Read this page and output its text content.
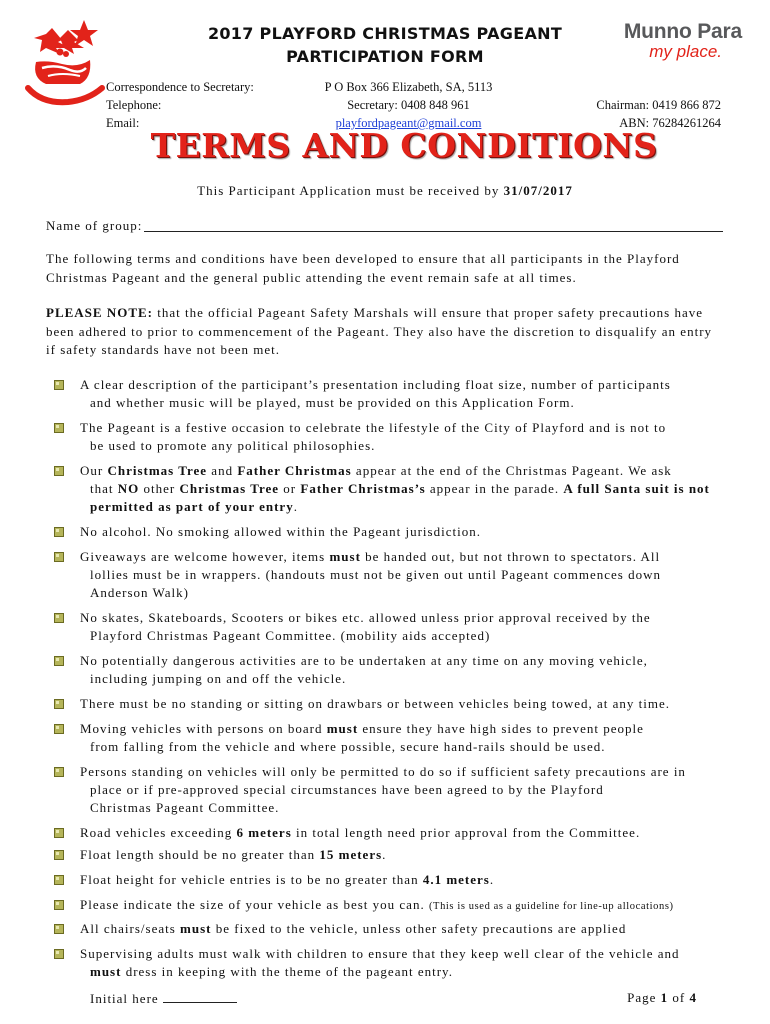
2017 PLAYFORD CHRISTMAS PAGEANT
PARTICIPATION FORM
Munno Para
my place.
Correspondence to Secretary:
Telephone:
Email:
P O Box 366 Elizabeth, SA, 5113
Secretary: 0408 848 961
playfordpageant@gmail.com

Chairman: 0419 866 872
ABN: 76284261264
TERMS AND CONDITIONS
This Participant Application must be received by 31/07/2017
Name of group:
The following terms and conditions have been developed to ensure that all participants in the Playford Christmas Pageant and the general public attending the event remain safe at all times.
PLEASE NOTE: that the official Pageant Safety Marshals will ensure that proper safety precautions have been adhered to prior to commencement of the Pageant. They also have the discretion to disqualify an entry if safety standards have not been met.
A clear description of the participant’s presentation including float size, number of participants
and whether music will be played, must be provided on this Application Form.
The Pageant is a festive occasion to celebrate the lifestyle of the City of Playford and is not to
be used to promote any political philosophies.
Our Christmas Tree and Father Christmas appear at the end of the Christmas Pageant. We ask
that NO other Christmas Tree or Father Christmas’s appear in the parade. A full Santa suit is not
permitted as part of your entry.
No alcohol. No smoking allowed within the Pageant jurisdiction.
Giveaways are welcome however, items must be handed out, but not thrown to spectators. All
lollies must be in wrappers. (handouts must not be given out until Pageant commences down
Anderson Walk)
No skates, Skateboards, Scooters or bikes etc. allowed unless prior approval received by the
Playford Christmas Pageant Committee. (mobility aids accepted)
No potentially dangerous activities are to be undertaken at any time on any moving vehicle,
including jumping on and off the vehicle.
There must be no standing or sitting on drawbars or between vehicles being towed, at any time.
Moving vehicles with persons on board must ensure they have high sides to prevent people
from falling from the vehicle and where possible, secure hand-rails should be used.
Persons standing on vehicles will only be permitted to do so if sufficient safety precautions are in
place or if pre-approved special circumstances have been agreed to by the Playford
Christmas Pageant Committee.
Road vehicles exceeding 6 meters in total length need prior approval from the Committee.
Float length should be no greater than 15 meters.
Float height for vehicle entries is to be no greater than 4.1 meters.
Please indicate the size of your vehicle as best you can. (This is used as a guideline for line-up allocations)
All chairs/seats must be fixed to the vehicle, unless other safety precautions are applied
Supervising adults must walk with children to ensure that they keep well clear of the vehicle and
must dress in keeping with the theme of the pageant entry.
Initial here	Page 1 of 4
